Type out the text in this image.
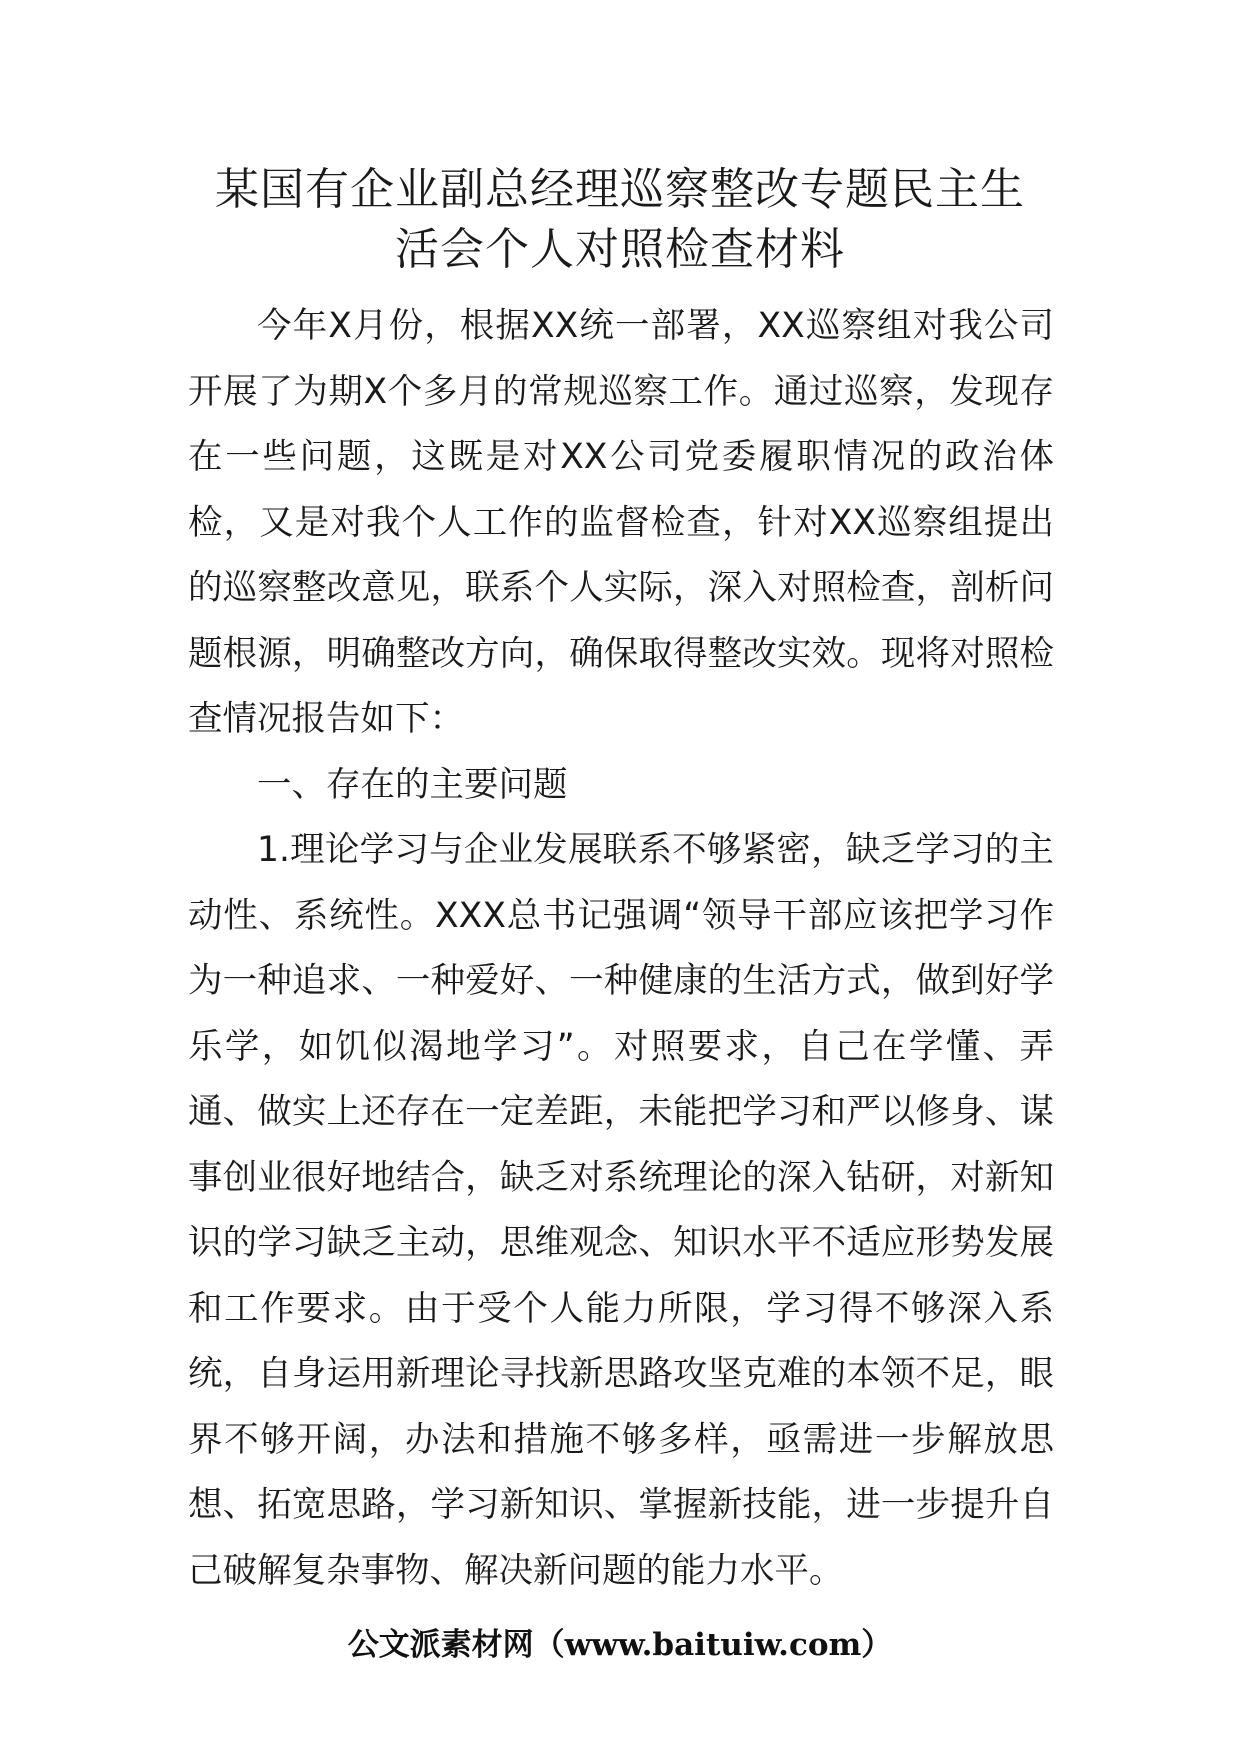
某国有企业副总经理巡察整改专题民主生
活会个人对照检查材料

今年X月份，根据XX统一部署，XX巡察组对我公司开展了为期X个多月的常规巡察工作。通过巡察，发现存在一些问题，这既是对XX公司党委履职情况的政治体检，又是对我个人工作的监督检查，针对XX巡察组提出的巡察整改意见，联系个人实际，深入对照检查，剖析问题根源，明确整改方向，确保取得整改实效。现将对照检查情况报告如下：

一、存在的主要问题

1.理论学习与企业发展联系不够紧密，缺乏学习的主动性、系统性。XXX总书记强调“领导干部应该把学习作为一种追求、一种爱好、一种健康的生活方式，做到好学乐学，如饥似渴地学习”。对照要求，自己在学懂、弄通、做实上还存在一定差距，未能把学习和严以修身、谋事创业很好地结合，缺乏对系统理论的深入钻研，对新知识的学习缺乏主动，思维观念、知识水平不适应形势发展和工作要求。由于受个人能力所限，学习得不够深入系统，自身运用新理论寻找新思路攻坚克难的本领不足，眼界不够开阔，办法和措施不够多样，亟需进一步解放思想、拓宽思路，学习新知识、掌握新技能，进一步提升自己破解复杂事物、解决新问题的能力水平。

公文派素材网（www.baituiw.com）
